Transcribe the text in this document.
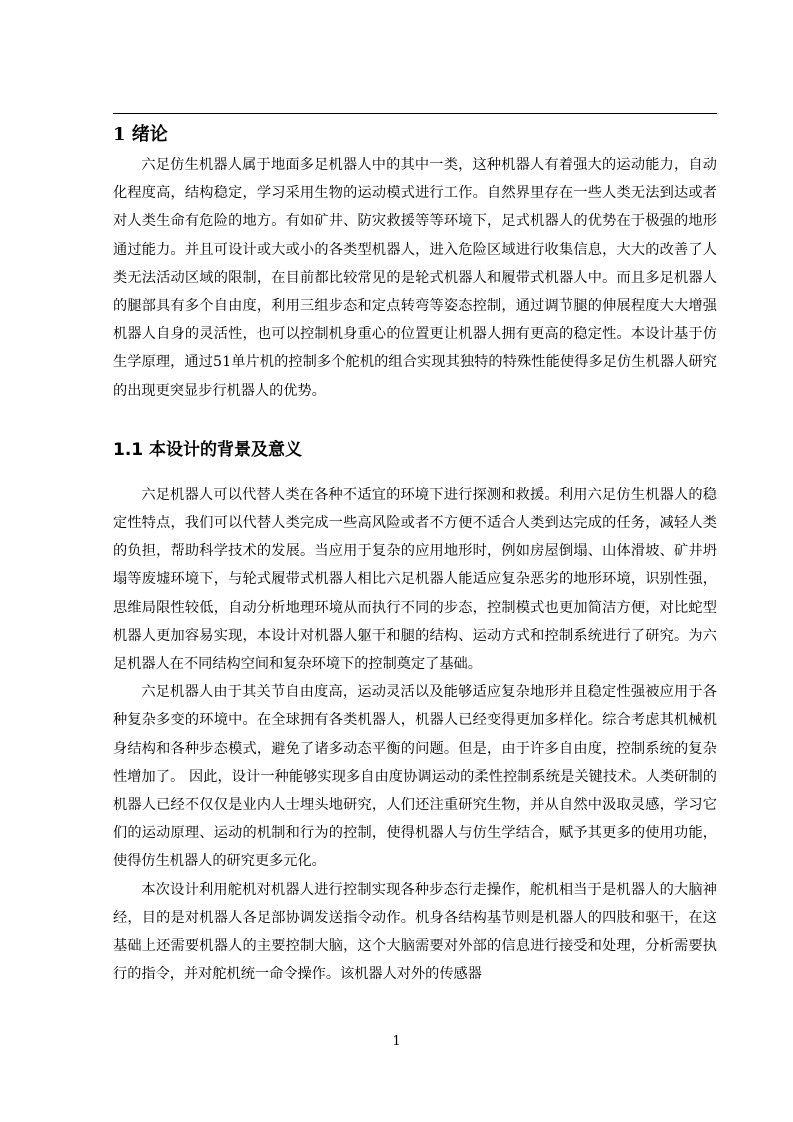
1 绪论

六足仿生机器人属于地面多足机器人中的其中一类，这种机器人有着强大的运动能力，自动化程度高，结构稳定，学习采用生物的运动模式进行工作。自然界里存在一些人类无法到达或者对人类生命有危险的地方。有如矿井、防灾救援等等环境下，足式机器人的优势在于极强的地形通过能力。并且可设计或大或小的各类型机器人，进入危险区域进行收集信息，大大的改善了人类无法活动区域的限制，在目前都比较常见的是轮式机器人和履带式机器人中。而且多足机器人的腿部具有多个自由度，利用三组步态和定点转弯等姿态控制，通过调节腿的伸展程度大大增强机器人自身的灵活性，也可以控制机身重心的位置更让机器人拥有更高的稳定性。本设计基于仿生学原理，通过51单片机的控制多个舵机的组合实现其独特的特殊性能使得多足仿生机器人研究的出现更突显步行机器人的优势。

1.1 本设计的背景及意义

六足机器人可以代替人类在各种不适宜的环境下进行探测和救援。利用六足仿生机器人的稳定性特点，我们可以代替人类完成一些高风险或者不方便不适合人类到达完成的任务，减轻人类的负担，帮助科学技术的发展。当应用于复杂的应用地形时，例如房屋倒塌、山体滑坡、矿井坍塌等废墟环境下，与轮式履带式机器人相比六足机器人能适应复杂恶劣的地形环境，识别性强，思维局限性较低，自动分析地理环境从而执行不同的步态，控制模式也更加简洁方便，对比蛇型机器人更加容易实现，本设计对机器人躯干和腿的结构、运动方式和控制系统进行了研究。为六足机器人在不同结构空间和复杂环境下的控制奠定了基础。

六足机器人由于其关节自由度高，运动灵活以及能够适应复杂地形并且稳定性强被应用于各种复杂多变的环境中。在全球拥有各类机器人，机器人已经变得更加多样化。综合考虑其机械机身结构和各种步态模式，避免了诸多动态平衡的问题。但是，由于许多自由度，控制系统的复杂性增加了。 因此，设计一种能够实现多自由度协调运动的柔性控制系统是关键技术。人类研制的机器人已经不仅仅是业内人士埋头地研究，人们还注重研究生物，并从自然中汲取灵感，学习它们的运动原理、运动的机制和行为的控制，使得机器人与仿生学结合，赋予其更多的使用功能，使得仿生机器人的研究更多元化。

本次设计利用舵机对机器人进行控制实现各种步态行走操作，舵机相当于是机器人的大脑神经，目的是对机器人各足部协调发送指令动作。机身各结构基节则是机器人的四肢和驱干，在这基础上还需要机器人的主要控制大脑，这个大脑需要对外部的信息进行接受和处理，分析需要执行的指令，并对舵机统一命令操作。该机器人对外的传感器

1
